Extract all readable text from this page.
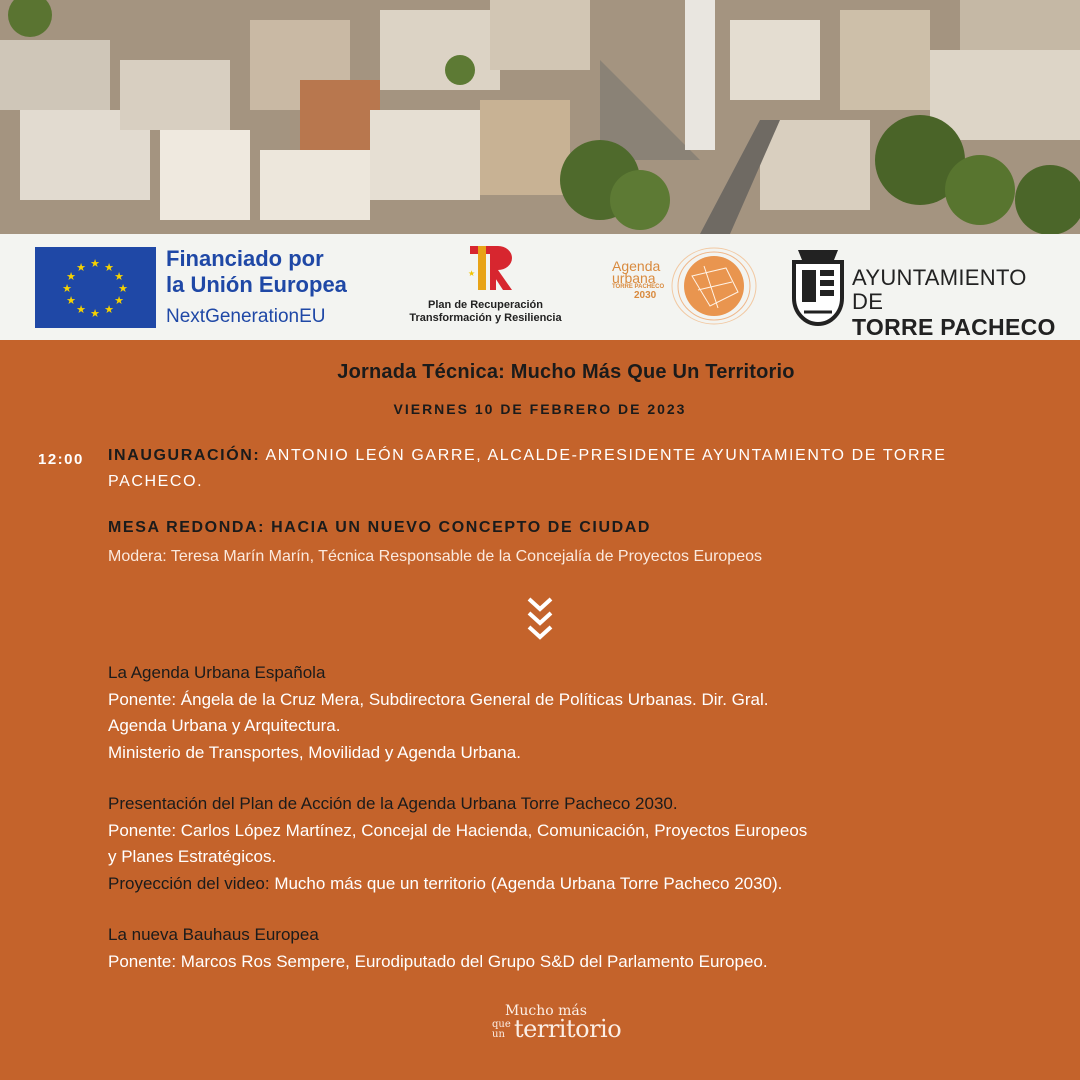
★ ★
★
★
★
★
★
★
★
★
★
★	Financiado por
la Unión Europea
NextGenerationEU
★
Plan de Recuperación
Transformación y Resiliencia
Agenda
urbana
TORRE PACHECO
2030
AYUNTAMIENTO DE
TORRE PACHECO
Jornada Técnica: Mucho Más Que Un Territorio
VIERNES 10 DE FEBRERO DE 2023
12:00 INAUGURACIÓN: ANTONIO LEÓN GARRE, ALCALDE-PRESIDENTE AYUNTAMIENTO DE TORRE PACHECO.
MESA REDONDA: HACIA UN NUEVO CONCEPTO DE CIUDAD
Modera: Teresa Marín Marín, Técnica Responsable de la Concejalía de Proyectos Europeos
La Agenda Urbana Española
Ponente: Ángela de la Cruz Mera, Subdirectora General de Políticas Urbanas. Dir. Gral.
Agenda Urbana y Arquitectura.
Ministerio de Transportes, Movilidad y Agenda Urbana.
Presentación del Plan de Acción de la Agenda Urbana Torre Pacheco 2030.
Ponente: Carlos López Martínez, Concejal de Hacienda, Comunicación, Proyectos Europeos
y Planes Estratégicos.
Proyección del video: Mucho más que un territorio (Agenda Urbana Torre Pacheco 2030).
La nueva Bauhaus Europea
Ponente: Marcos Ros Sempere, Eurodiputado del Grupo S&D del Parlamento Europeo.
Mucho más
que
un territorio
